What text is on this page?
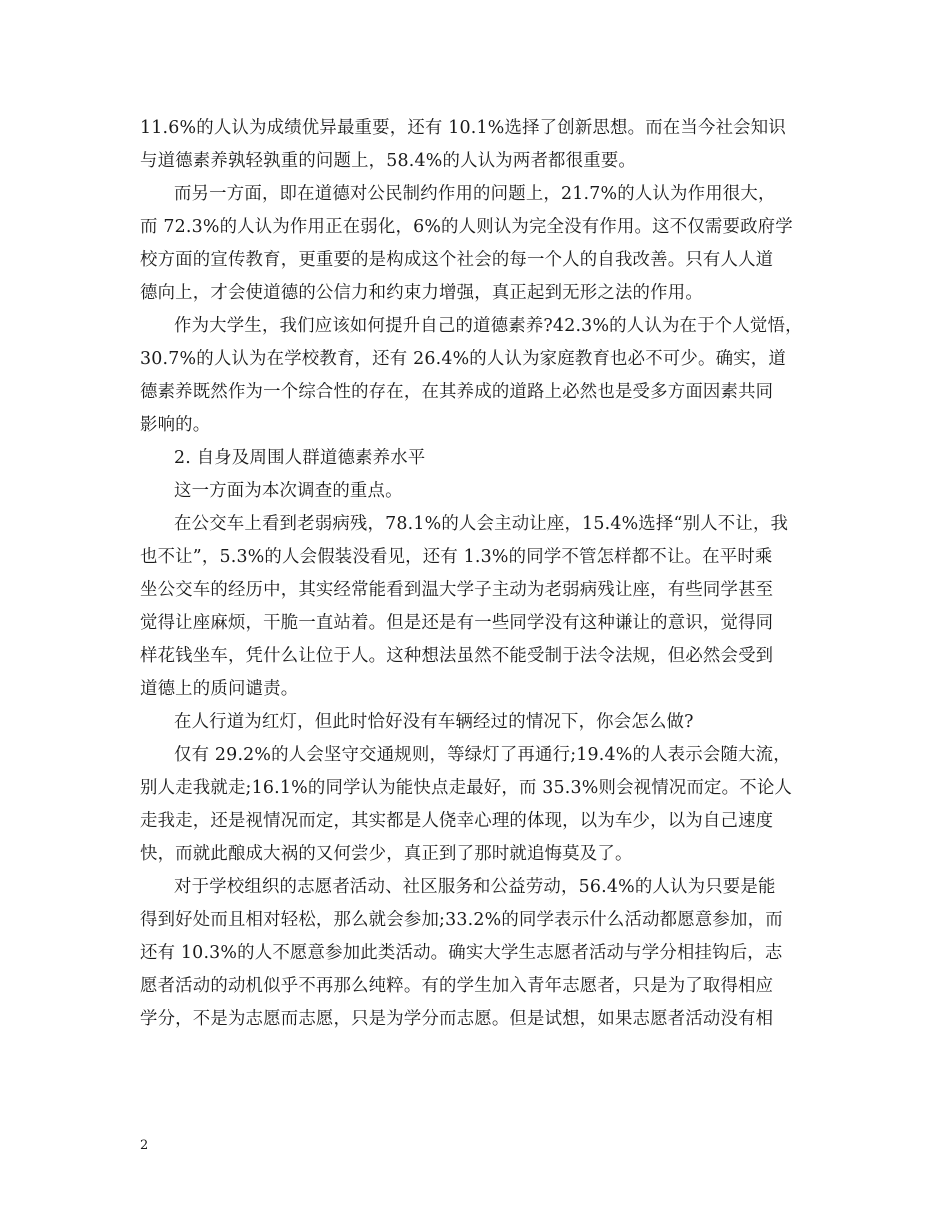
11.6%的人认为成绩优异最重要，还有 10.1%选择了创新思想。而在当今社会知识
与道德素养孰轻孰重的问题上，58.4%的人认为两者都很重要。
而另一方面，即在道德对公民制约作用的问题上，21.7%的人认为作用很大，
而 72.3%的人认为作用正在弱化，6%的人则认为完全没有作用。这不仅需要政府学
校方面的宣传教育，更重要的是构成这个社会的每一个人的自我改善。只有人人道
德向上，才会使道德的公信力和约束力增强，真正起到无形之法的作用。
作为大学生，我们应该如何提升自己的道德素养?42.3%的人认为在于个人觉悟，
30.7%的人认为在学校教育，还有 26.4%的人认为家庭教育也必不可少。确实，道
德素养既然作为一个综合性的存在，在其养成的道路上必然也是受多方面因素共同
影响的。
2. 自身及周围人群道德素养水平
这一方面为本次调查的重点。
在公交车上看到老弱病残，78.1%的人会主动让座，15.4%选择“别人不让，我
也不让”，5.3%的人会假装没看见，还有 1.3%的同学不管怎样都不让。在平时乘
坐公交车的经历中，其实经常能看到温大学子主动为老弱病残让座，有些同学甚至
觉得让座麻烦，干脆一直站着。但是还是有一些同学没有这种谦让的意识，觉得同
样花钱坐车，凭什么让位于人。这种想法虽然不能受制于法令法规，但必然会受到
道德上的质问谴责。
在人行道为红灯，但此时恰好没有车辆经过的情况下，你会怎么做?
仅有 29.2%的人会坚守交通规则，等绿灯了再通行;19.4%的人表示会随大流，
别人走我就走;16.1%的同学认为能快点走最好，而 35.3%则会视情况而定。不论人
走我走，还是视情况而定，其实都是人侥幸心理的体现，以为车少，以为自己速度
快，而就此酿成大祸的又何尝少，真正到了那时就追悔莫及了。
对于学校组织的志愿者活动、社区服务和公益劳动，56.4%的人认为只要是能
得到好处而且相对轻松，那么就会参加;33.2%的同学表示什么活动都愿意参加，而
还有 10.3%的人不愿意参加此类活动。确实大学生志愿者活动与学分相挂钩后，志
愿者活动的动机似乎不再那么纯粹。有的学生加入青年志愿者，只是为了取得相应
学分，不是为志愿而志愿，只是为学分而志愿。但是试想，如果志愿者活动没有相
2
